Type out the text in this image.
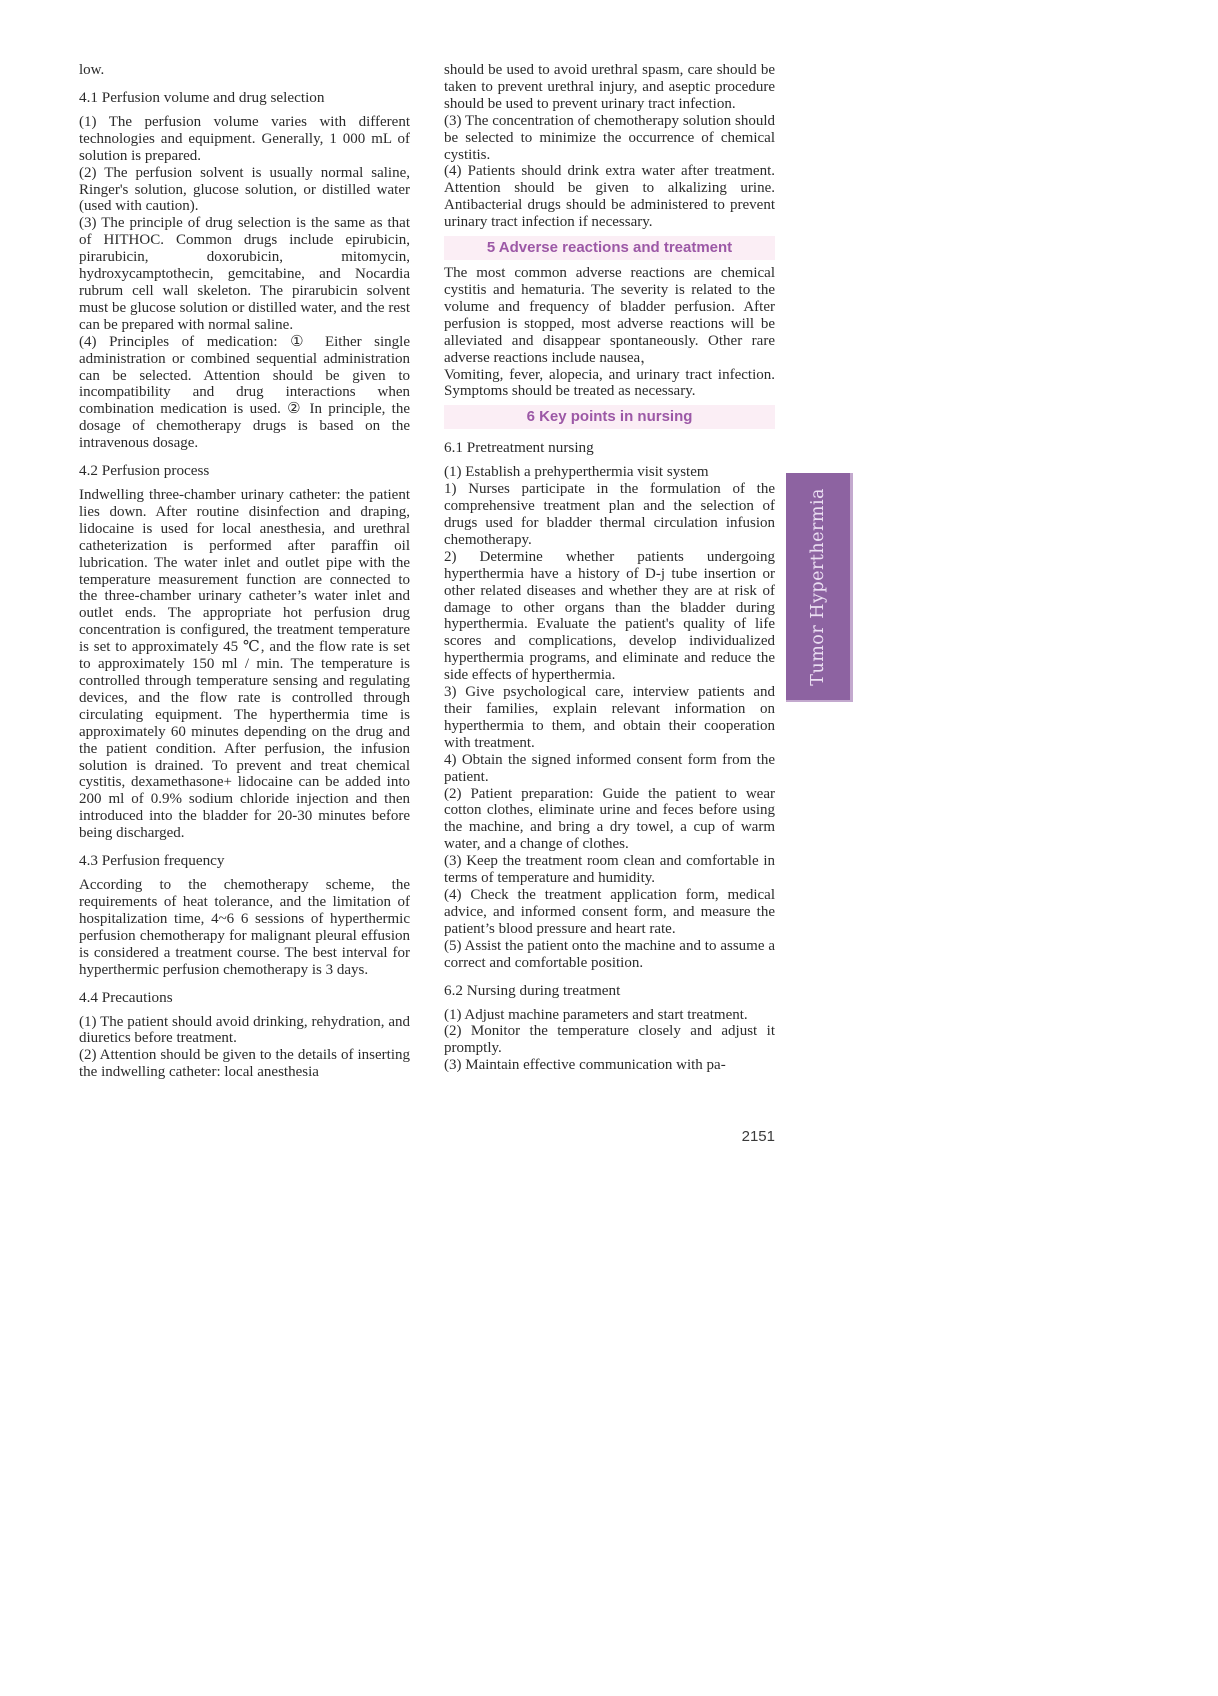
low.

4.1 Perfusion volume and drug selection

(1) The perfusion volume varies with different technologies and equipment. Generally, 1 000 mL of solution is prepared.

(2) The perfusion solvent is usually normal saline, Ringer's solution, glucose solution, or distilled water (used with caution).

(3) The principle of drug selection is the same as that of HITHOC. Common drugs include epirubicin, pirarubicin, doxorubicin, mitomycin, hydroxycamptothecin, gemcitabine, and Nocardia rubrum cell wall skeleton. The pirarubicin solvent must be glucose solution or distilled water, and the rest can be prepared with normal saline.

(4) Principles of medication: ① Either single administration or combined sequential administration can be selected. Attention should be given to incompatibility and drug interactions when combination medication is used. ② In principle, the dosage of chemotherapy drugs is based on the intravenous dosage.

4.2 Perfusion process

Indwelling three-chamber urinary catheter: the patient lies down. After routine disinfection and draping, lidocaine is used for local anesthesia, and urethral catheterization is performed after paraffin oil lubrication. The water inlet and outlet pipe with the temperature measurement function are connected to the three-chamber urinary catheter’s water inlet and outlet ends. The appropriate hot perfusion drug concentration is configured, the treatment temperature is set to approximately 45 ℃, and the flow rate is set to approximately 150 ml / min. The temperature is controlled through temperature sensing and regulating devices, and the flow rate is controlled through circulating equipment. The hyperthermia time is approximately 60 minutes depending on the drug and the patient condition. After perfusion, the infusion solution is drained. To prevent and treat chemical cystitis, dexamethasone+ lidocaine can be added into 200 ml of 0.9% sodium chloride injection and then introduced into the bladder for 20-30 minutes before being discharged.

4.3 Perfusion frequency

According to the chemotherapy scheme, the requirements of heat tolerance, and the limitation of hospitalization time, 4~6 6 sessions of hyperthermic perfusion chemotherapy for malignant pleural effusion is considered a treatment course. The best interval for hyperthermic perfusion chemotherapy is 3 days.

4.4 Precautions

(1) The patient should avoid drinking, rehydration, and diuretics before treatment.

(2) Attention should be given to the details of inserting the indwelling catheter: local anesthesia

should be used to avoid urethral spasm, care should be taken to prevent urethral injury, and aseptic procedure should be used to prevent urinary tract infection.

(3) The concentration of chemotherapy solution should be selected to minimize the occurrence of chemical cystitis.

(4) Patients should drink extra water after treatment. Attention should be given to alkalizing urine. Antibacterial drugs should be administered to prevent urinary tract infection if necessary.

5 Adverse reactions and treatment

The most common adverse reactions are chemical cystitis and hematuria. The severity is related to the volume and frequency of bladder perfusion. After perfusion is stopped, most adverse reactions will be alleviated and disappear spontaneously. Other rare adverse reactions include nausea，

Vomiting, fever, alopecia, and urinary tract infection. Symptoms should be treated as necessary.

6 Key points in nursing
6.1 Pretreatment nursing

(1) Establish a prehyperthermia visit system

1) Nurses participate in the formulation of the comprehensive treatment plan and the selection of drugs used for bladder thermal circulation infusion chemotherapy.

2) Determine whether patients undergoing hyperthermia have a history of D-j tube insertion or other related diseases and whether they are at risk of damage to other organs than the bladder during hyperthermia. Evaluate the patient's quality of life scores and complications, develop individualized hyperthermia programs, and eliminate and reduce the side effects of hyperthermia.

3) Give psychological care, interview patients and their families, explain relevant information on hyperthermia to them, and obtain their cooperation with treatment.

4) Obtain the signed informed consent form from the patient.

(2) Patient preparation: Guide the patient to wear cotton clothes, eliminate urine and feces before using the machine, and bring a dry towel, a cup of warm water, and a change of clothes.

(3) Keep the treatment room clean and comfortable in terms of temperature and humidity.

(4) Check the treatment application form, medical advice, and informed consent form, and measure the patient’s blood pressure and heart rate.

(5) Assist the patient onto the machine and to assume a correct and comfortable position.

6.2 Nursing during treatment

(1) Adjust machine parameters and start treatment.

(2) Monitor the temperature closely and adjust it promptly.

(3) Maintain effective communication with pa-

Tumor Hyperthermia
2151
